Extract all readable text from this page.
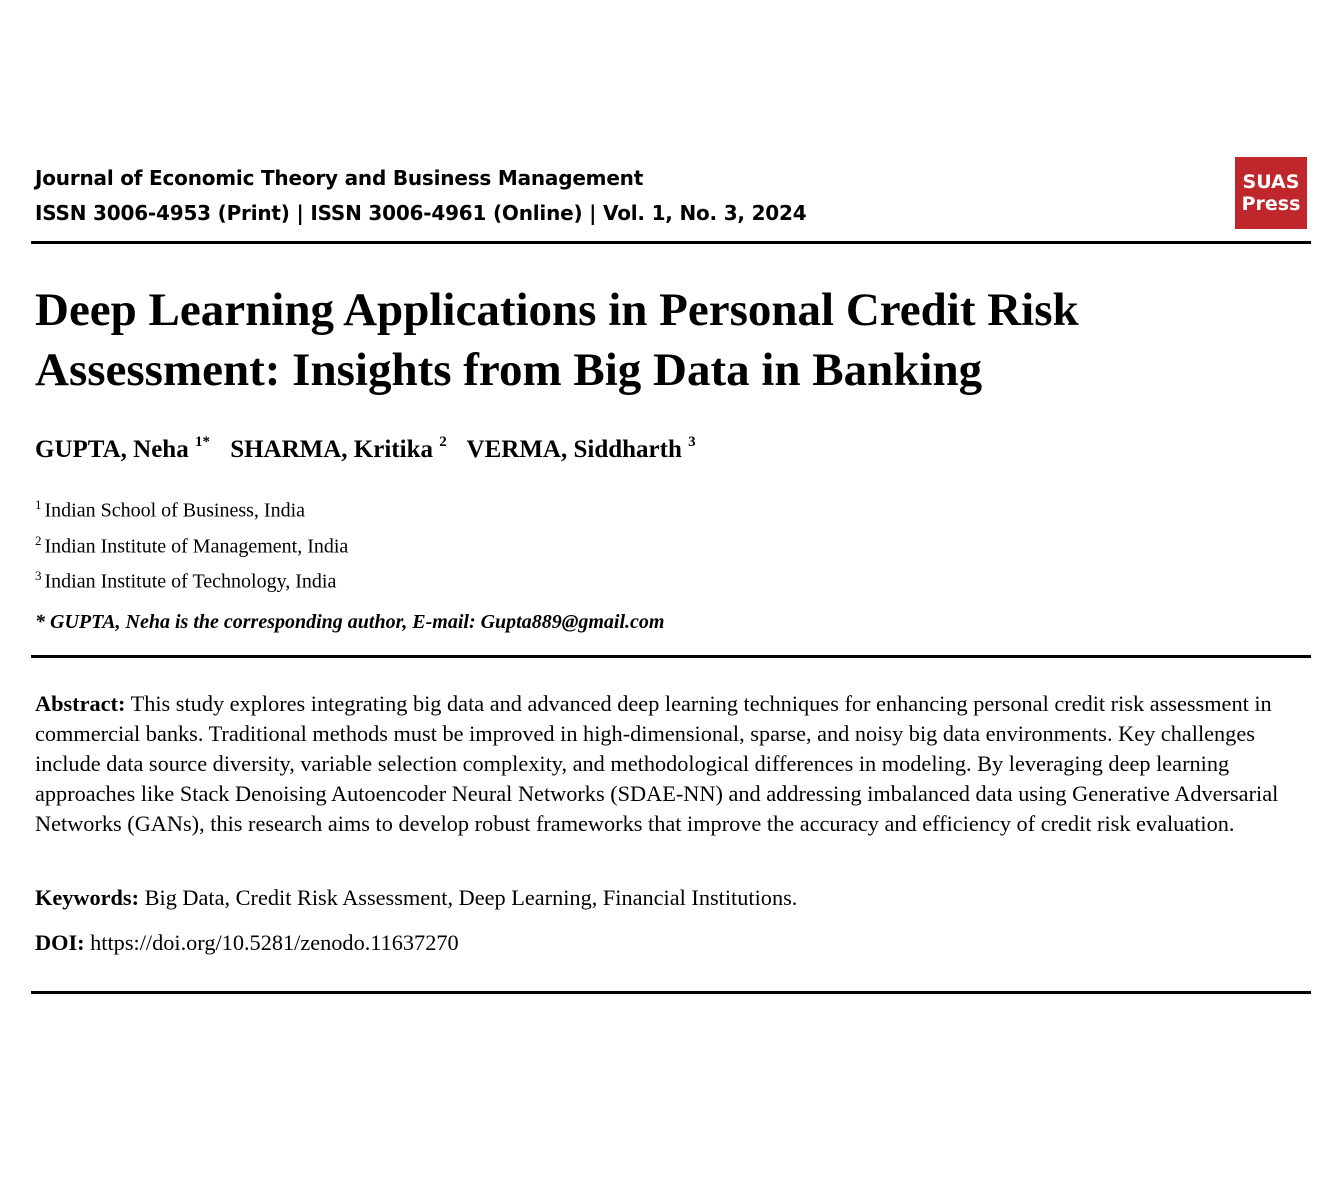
Journal of Economic Theory and Business Management
ISSN 3006-4953 (Print) | ISSN 3006-4961 (Online) | Vol. 1, No. 3, 2024
SUAS
Press
Deep Learning Applications in Personal Credit Risk Assessment: Insights from Big Data in Banking
GUPTA, Neha $^{1*}$ SHARMA, Kritika $^2$ VERMA, Siddharth $^3$
$^1$ Indian School of Business, India
$^2$ Indian Institute of Management, India
$^3$ Indian Institute of Technology, India
* GUPTA, Neha is the corresponding author, E-mail: Gupta889@gmail.com
Abstract: This study explores integrating big data and advanced deep learning techniques for enhancing personal credit risk assessment in commercial banks. Traditional methods must be improved in high-dimensional, sparse, and noisy big data environments. Key challenges include data source diversity, variable selection complexity, and methodological differences in modeling. By leveraging deep learning approaches like Stack Denoising Autoencoder Neural Networks (SDAE-NN) and addressing imbalanced data using Generative Adversarial Networks (GANs), this research aims to develop robust frameworks that improve the accuracy and efficiency of credit risk evaluation.
Keywords: Big Data, Credit Risk Assessment, Deep Learning, Financial Institutions.
DOI: https://doi.org/10.5281/zenodo.11637270
